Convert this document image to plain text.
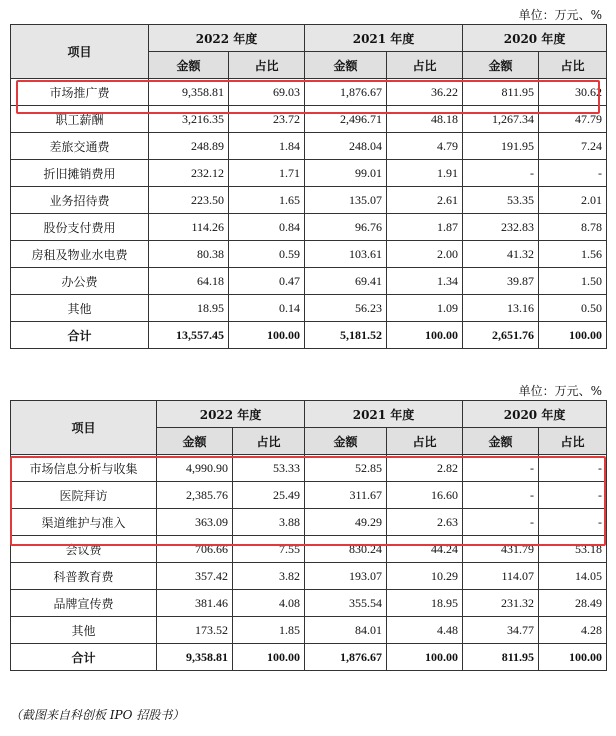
单位：万元、%
项目	2022 年度		2021 年度		2020 年度	
	金额	占比	金额	占比	金额	占比
市场推广费	9,358.81	69.03	1,876.67	36.22	811.95	30.62
职工薪酬	3,216.35	23.72	2,496.71	48.18	1,267.34	47.79
差旅交通费	248.89	1.84	248.04	4.79	191.95	7.24
折旧摊销费用	232.12	1.71	99.01	1.91	-	-
业务招待费	223.50	1.65	135.07	2.61	53.35	2.01
股份支付费用	114.26	0.84	96.76	1.87	232.83	8.78
房租及物业水电费	80.38	0.59	103.61	2.00	41.32	1.56
办公费	64.18	0.47	69.41	1.34	39.87	1.50
其他	18.95	0.14	56.23	1.09	13.16	0.50
合计	13,557.45	100.00	5,181.52	100.00	2,651.76	100.00
单位：万元、%
项目	2022 年度		2021 年度		2020 年度	
	金额	占比	金额	占比	金额	占比
市场信息分析与收集	4,990.90	53.33	52.85	2.82	-	-
医院拜访	2,385.76	25.49	311.67	16.60	-	-
渠道维护与准入	363.09	3.88	49.29	2.63	-	-
会议费	706.66	7.55	830.24	44.24	431.79	53.18
科普教育费	357.42	3.82	193.07	10.29	114.07	14.05
品牌宣传费	381.46	4.08	355.54	18.95	231.32	28.49
其他	173.52	1.85	84.01	4.48	34.77	4.28
合计	9,358.81	100.00	1,876.67	100.00	811.95	100.00
（截图来自科创板 IPO 招股书）
